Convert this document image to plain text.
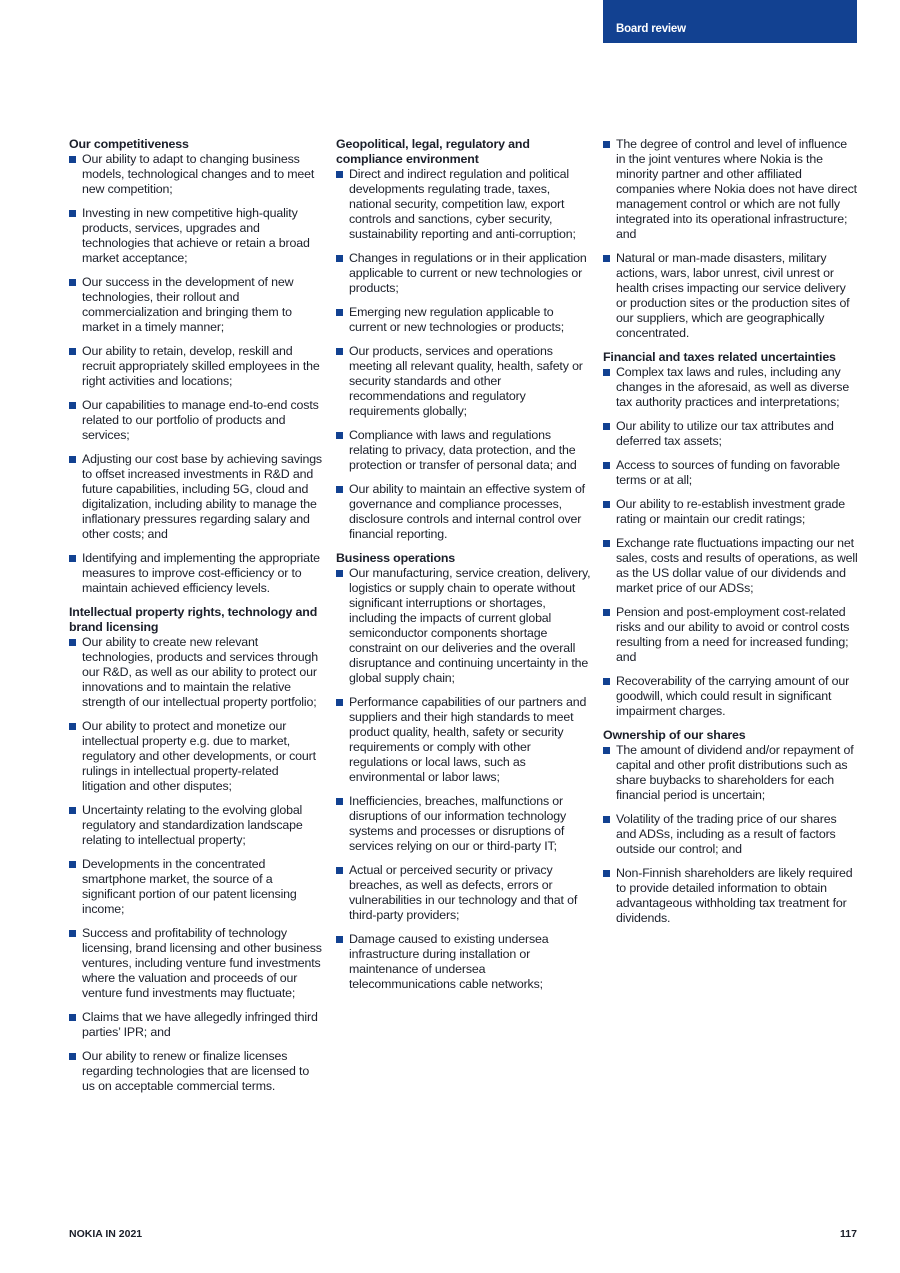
Board review

Our competitiveness

Our ability to adapt to changing business models, technological changes and to meet new competition;
Investing in new competitive high-quality products, services, upgrades and technologies that achieve or retain a broad market acceptance;
Our success in the development of new technologies, their rollout and commercialization and bringing them to market in a timely manner;
Our ability to retain, develop, reskill and recruit appropriately skilled employees in the right activities and locations;
Our capabilities to manage end-to-end costs related to our portfolio of products and services;
Adjusting our cost base by achieving savings to offset increased investments in R&D and future capabilities, including 5G, cloud and digitalization, including ability to manage the inflationary pressures regarding salary and other costs; and
Identifying and implementing the appropriate measures to improve cost-efficiency or to maintain achieved efficiency levels.

Intellectual property rights, technology and brand licensing

Our ability to create new relevant technologies, products and services through our R&D, as well as our ability to protect our innovations and to maintain the relative strength of our intellectual property portfolio;
Our ability to protect and monetize our intellectual property e.g. due to market, regulatory and other developments, or court rulings in intellectual property-related litigation and other disputes;
Uncertainty relating to the evolving global regulatory and standardization landscape relating to intellectual property;
Developments in the concentrated smartphone market, the source of a significant portion of our patent licensing income;
Success and profitability of technology licensing, brand licensing and other business ventures, including venture fund investments where the valuation and proceeds of our venture fund investments may fluctuate;
Claims that we have allegedly infringed third parties’ IPR; and
Our ability to renew or finalize licenses regarding technologies that are licensed to us on acceptable commercial terms.

Geopolitical, legal, regulatory and compliance environment

Direct and indirect regulation and political developments regulating trade, taxes, national security, competition law, export controls and sanctions, cyber security, sustainability reporting and anti-corruption;
Changes in regulations or in their application applicable to current or new technologies or products;
Emerging new regulation applicable to current or new technologies or products;
Our products, services and operations meeting all relevant quality, health, safety or security standards and other recommendations and regulatory requirements globally;
Compliance with laws and regulations relating to privacy, data protection, and the protection or transfer of personal data; and
Our ability to maintain an effective system of governance and compliance processes, disclosure controls and internal control over financial reporting.

Business operations

Our manufacturing, service creation, delivery, logistics or supply chain to operate without significant interruptions or shortages, including the impacts of current global semiconductor components shortage constraint on our deliveries and the overall disruptance and continuing uncertainty in the global supply chain;
Performance capabilities of our partners and suppliers and their high standards to meet product quality, health, safety or security requirements or comply with other regulations or local laws, such as environmental or labor laws;
Inefficiencies, breaches, malfunctions or disruptions of our information technology systems and processes or disruptions of services relying on our or third-party IT;
Actual or perceived security or privacy breaches, as well as defects, errors or vulnerabilities in our technology and that of third-party providers;
Damage caused to existing undersea infrastructure during installation or maintenance of undersea telecommunications cable networks;
The degree of control and level of influence in the joint ventures where Nokia is the minority partner and other affiliated companies where Nokia does not have direct management control or which are not fully integrated into its operational infrastructure; and
Natural or man-made disasters, military actions, wars, labor unrest, civil unrest or health crises impacting our service delivery or production sites or the production sites of our suppliers, which are geographically concentrated.

Financial and taxes related uncertainties

Complex tax laws and rules, including any changes in the aforesaid, as well as diverse tax authority practices and interpretations;
Our ability to utilize our tax attributes and deferred tax assets;
Access to sources of funding on favorable terms or at all;
Our ability to re-establish investment grade rating or maintain our credit ratings;
Exchange rate fluctuations impacting our net sales, costs and results of operations, as well as the US dollar value of our dividends and market price of our ADSs;
Pension and post-employment cost-related risks and our ability to avoid or control costs resulting from a need for increased funding; and
Recoverability of the carrying amount of our goodwill, which could result in significant impairment charges.

Ownership of our shares

The amount of dividend and/or repayment of capital and other profit distributions such as share buybacks to shareholders for each financial period is uncertain;
Volatility of the trading price of our shares and ADSs, including as a result of factors outside our control; and
Non-Finnish shareholders are likely required to provide detailed information to obtain advantageous withholding tax treatment for dividends.
NOKIA IN 2021	117
